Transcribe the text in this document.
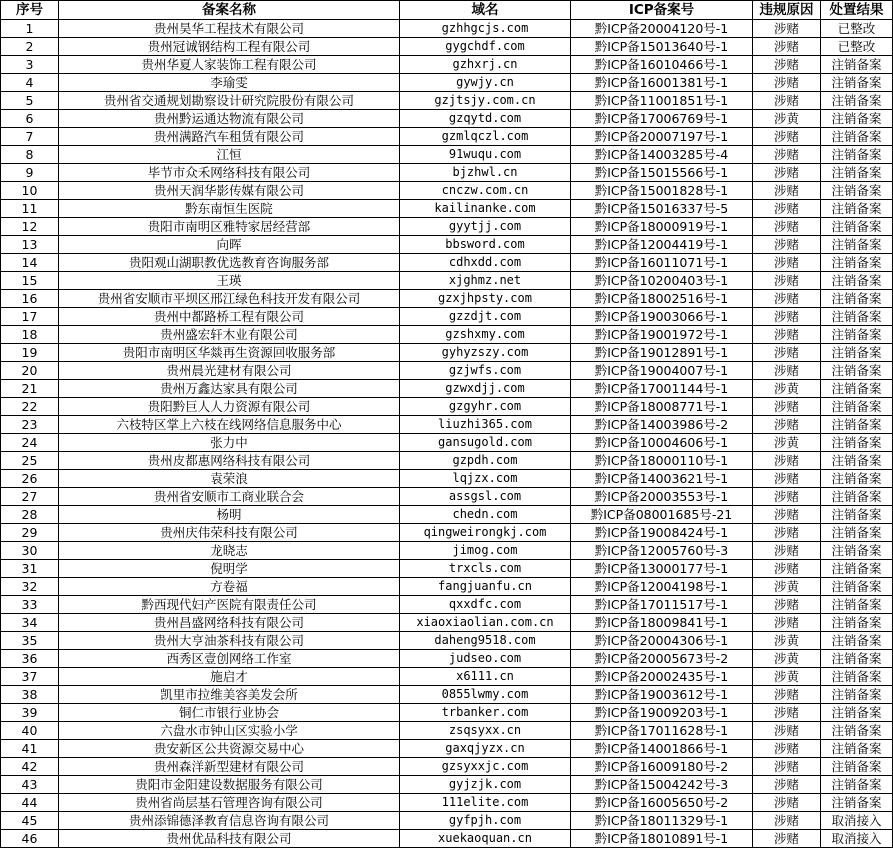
序号	备案名称	域名	ICP备案号	违规原因	处置结果
1	贵州昊华工程技术有限公司	gzhhgcjs.com	黔ICP备20004120号-1	涉赌	已整改
2	贵州冠诚钢结构工程有限公司	gygchdf.com	黔ICP备15013640号-1	涉赌	已整改
3	贵州华夏人家装饰工程有限公司	gzhxrj.cn	黔ICP备16010466号-1	涉赌	注销备案
4	李瑜雯	gywjy.cn	黔ICP备16001381号-1	涉赌	注销备案
5	贵州省交通规划勘察设计研究院股份有限公司	gzjtsjy.com.cn	黔ICP备11001851号-1	涉赌	注销备案
6	贵州黔运通达物流有限公司	gzqytd.com	黔ICP备17006769号-1	涉黄	注销备案
7	贵州满路汽车租赁有限公司	gzmlqczl.com	黔ICP备20007197号-1	涉赌	注销备案
8	江恒	91wuqu.com	黔ICP备14003285号-4	涉赌	注销备案
9	毕节市众禾网络科技有限公司	bjzhwl.cn	黔ICP备15015566号-1	涉赌	注销备案
10	贵州天润华影传媒有限公司	cnczw.com.cn	黔ICP备15001828号-1	涉赌	注销备案
11	黔东南恒生医院	kailinanke.com	黔ICP备15016337号-5	涉赌	注销备案
12	贵阳市南明区雅特家居经营部	gyytjj.com	黔ICP备18000919号-1	涉赌	注销备案
13	向晖	bbsword.com	黔ICP备12004419号-1	涉赌	注销备案
14	贵阳观山湖职教优选教育咨询服务部	cdhxdd.com	黔ICP备16011071号-1	涉赌	注销备案
15	王瑛	xjghmz.net	黔ICP备10200403号-1	涉赌	注销备案
16	贵州省安顺市平坝区邢江绿色科技开发有限公司	gzxjhpsty.com	黔ICP备18002516号-1	涉赌	注销备案
17	贵州中都路桥工程有限公司	gzzdjt.com	黔ICP备19003066号-1	涉赌	注销备案
18	贵州盛宏轩木业有限公司	gzshxmy.com	黔ICP备19001972号-1	涉赌	注销备案
19	贵阳市南明区华燚再生资源回收服务部	gyhyzszy.com	黔ICP备19012891号-1	涉赌	注销备案
20	贵州晨光建材有限公司	gzjwfs.com	黔ICP备19004007号-1	涉赌	注销备案
21	贵州万鑫达家具有限公司	gzwxdjj.com	黔ICP备17001144号-1	涉黄	注销备案
22	贵阳黔巨人人力资源有限公司	gzgyhr.com	黔ICP备18008771号-1	涉赌	注销备案
23	六枝特区掌上六枝在线网络信息服务中心	liuzhi365.com	黔ICP备14003986号-2	涉赌	注销备案
24	张力中	gansugold.com	黔ICP备10004606号-1	涉黄	注销备案
25	贵州皮都惠网络科技有限公司	gzpdh.com	黔ICP备18000110号-1	涉赌	注销备案
26	袁荣浪	lqjzx.com	黔ICP备14003621号-1	涉赌	注销备案
27	贵州省安顺市工商业联合会	assgsl.com	黔ICP备20003553号-1	涉赌	注销备案
28	杨明	chedn.com	黔ICP备08001685号-21	涉赌	注销备案
29	贵州庆伟荣科技有限公司	qingweirongkj.com	黔ICP备19008424号-1	涉赌	注销备案
30	龙晓志	jimog.com	黔ICP备12005760号-3	涉赌	注销备案
31	倪明学	trxcls.com	黔ICP备13000177号-1	涉赌	注销备案
32	方卷福	fangjuanfu.cn	黔ICP备12004198号-1	涉黄	注销备案
33	黔西现代妇产医院有限责任公司	qxxdfc.com	黔ICP备17011517号-1	涉赌	注销备案
34	贵州昌盛网络科技有限公司	xiaoxiaolian.com.cn	黔ICP备18009841号-1	涉赌	注销备案
35	贵州大亨油茶科技有限公司	daheng9518.com	黔ICP备20004306号-1	涉黄	注销备案
36	西秀区壹创网络工作室	judseo.com	黔ICP备20005673号-2	涉黄	注销备案
37	施启才	x6111.cn	黔ICP备20002435号-1	涉黄	注销备案
38	凯里市拉维美容美发会所	0855lwmy.com	黔ICP备19003612号-1	涉赌	注销备案
39	铜仁市银行业协会	trbanker.com	黔ICP备19009203号-1	涉赌	注销备案
40	六盘水市钟山区实验小学	zsqsyxx.cn	黔ICP备17011628号-1	涉赌	注销备案
41	贵安新区公共资源交易中心	gaxqjyzx.cn	黔ICP备14001866号-1	涉赌	注销备案
42	贵州森洋新型建材有限公司	gzsyxxjc.com	黔ICP备16009180号-2	涉赌	注销备案
43	贵阳市金阳建设数据服务有限公司	gyjzjk.com	黔ICP备15004242号-3	涉赌	注销备案
44	贵州省尚层基石管理咨询有限公司	111elite.com	黔ICP备16005650号-2	涉赌	注销备案
45	贵州添锦德泽教育信息咨询有限公司	gyfpjh.com	黔ICP备18011329号-1	涉赌	取消接入
46	贵州优品科技有限公司	xuekaoquan.cn	黔ICP备18010891号-1	涉赌	取消接入
